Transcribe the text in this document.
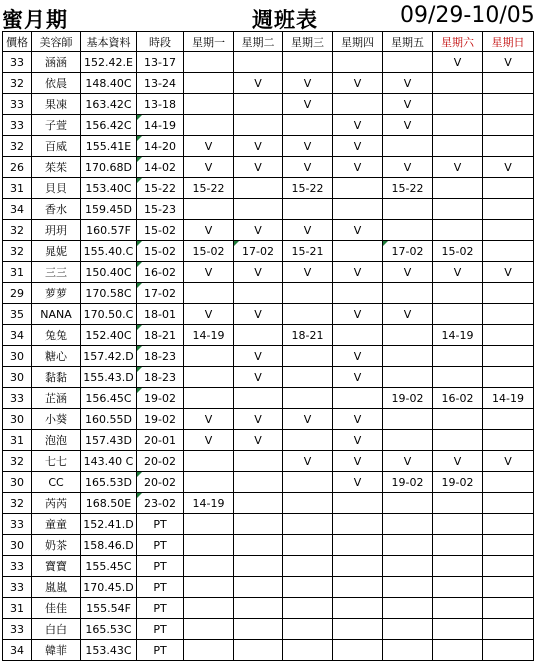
蜜月期	週班表	09/29-10/05
價格	美容師	基本資料	時段	星期一	星期二	星期三	星期四	星期五	星期六	星期日
33	涵涵	152.42.E	13-17						V	V
32	依晨	148.40C	13-24		V	V	V	V		
33	果凍	163.42C	13-18			V		V		
33	子萱	156.42C	14-19				V	V		
32	百威	155.41E	14-20	V	V	V	V			
26	茱茱	170.68D	14-02	V	V	V	V	V	V	V
31	貝貝	153.40C	15-22	15-22		15-22		15-22		
34	香水	159.45D	15-23							
32	玥玥	160.57F	15-02	V	V	V	V			
32	晁妮	155.40.C	15-02	15-02	17-02	15-21		17-02	15-02	
31	三三	150.40C	16-02	V	V	V	V	V	V	V
29	萝萝	170.58C	17-02							
35	NANA	170.50.C	18-01	V	V		V	V		
34	兔兔	152.40C	18-21	14-19		18-21			14-19	
30	糖心	157.42.D	18-23		V		V			
30	黏黏	155.43.D	18-23		V		V			
33	芷涵	156.45C	19-02					19-02	16-02	14-19
30	小葵	160.55D	19-02	V	V	V	V			
31	泡泡	157.43D	20-01	V	V		V			
32	七七	143.40 C	20-02			V	V	V	V	V
30	CC	165.53D	20-02				V	19-02	19-02	
32	芮芮	168.50E	23-02	14-19						
33	童童	152.41.D	PT							
30	奶茶	158.46.D	PT							
33	寶寶	155.45C	PT							
33	嵐嵐	170.45.D	PT							
31	佳佳	155.54F	PT							
33	白白	165.53C	PT							
34	韓菲	153.43C	PT							
